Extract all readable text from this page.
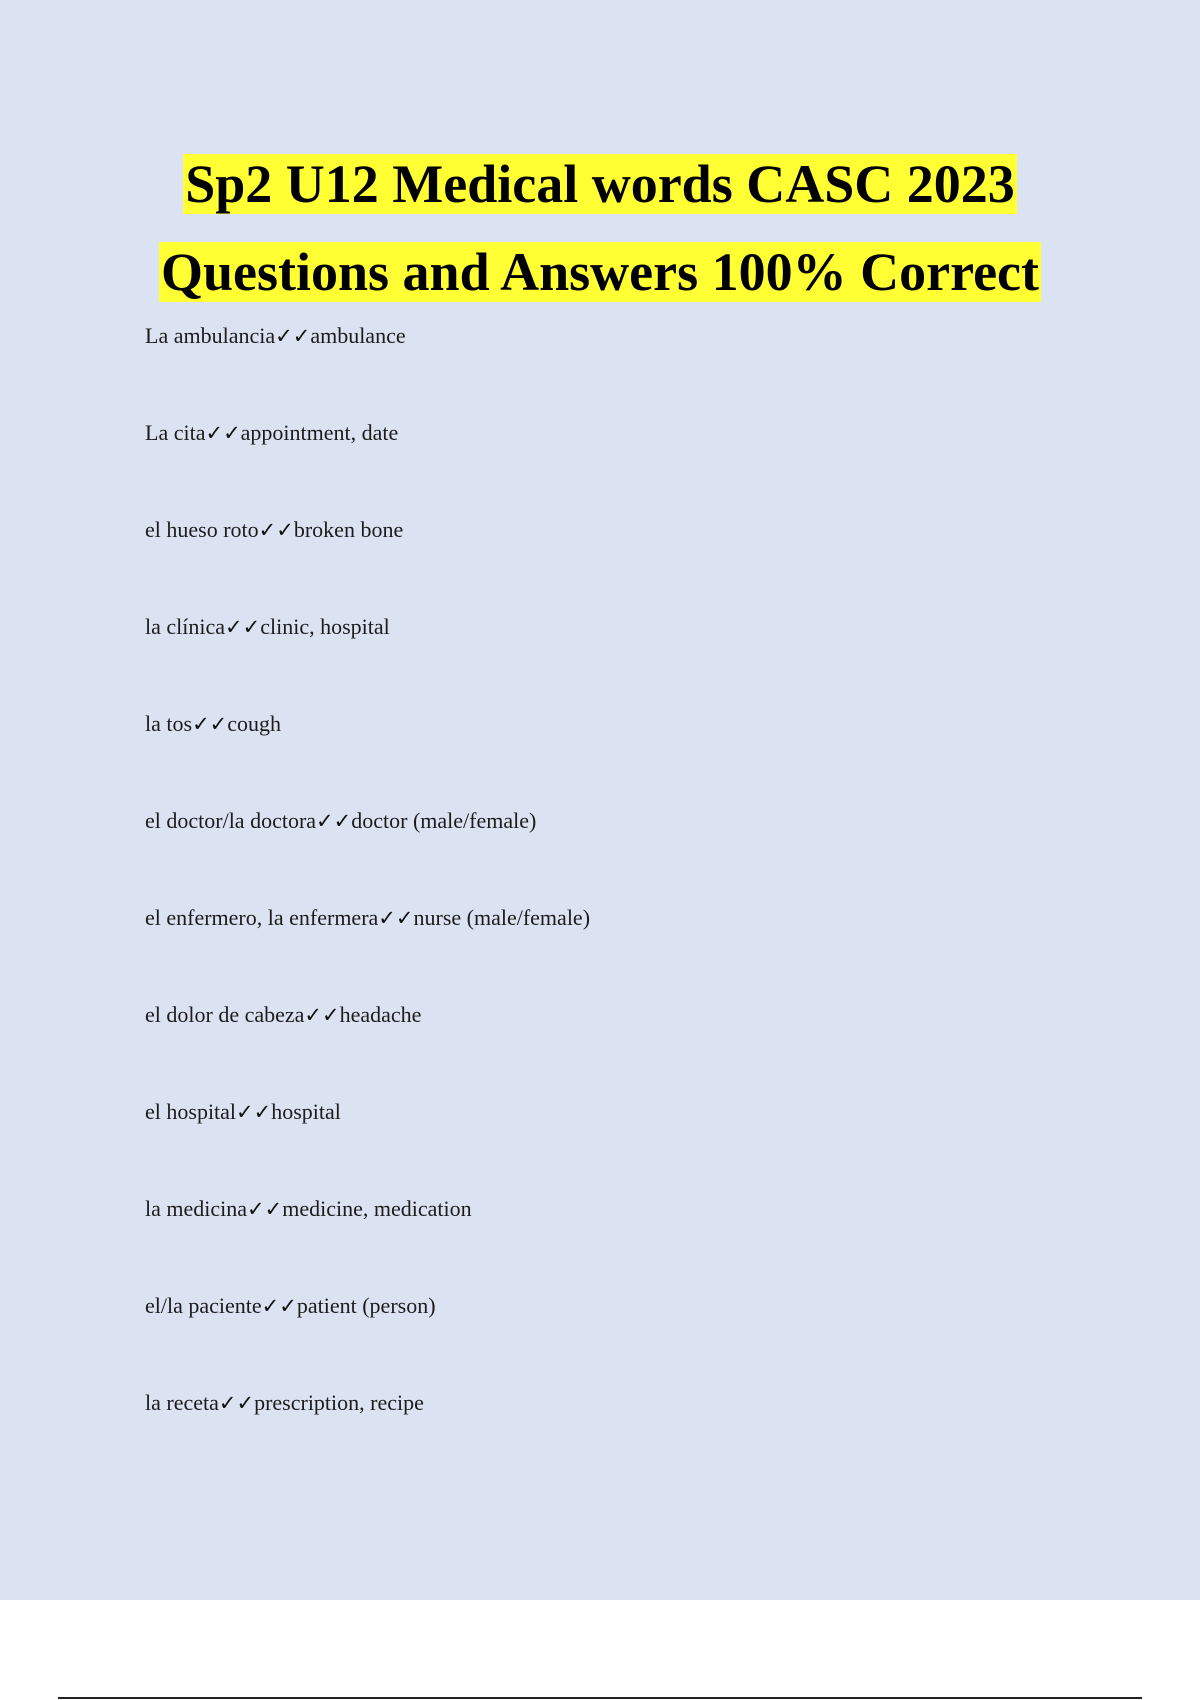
Sp2 U12 Medical words CASC 2023
Questions and Answers 100% Correct
La ambulancia✓✓ambulance
La cita✓✓appointment, date
el hueso roto✓✓broken bone
la clínica✓✓clinic, hospital
la tos✓✓cough
el doctor/la doctora✓✓doctor (male/female)
el enfermero, la enfermera✓✓nurse (male/female)
el dolor de cabeza✓✓headache
el hospital✓✓hospital
la medicina✓✓medicine, medication
el/la paciente✓✓patient (person)
la receta✓✓prescription, recipe
